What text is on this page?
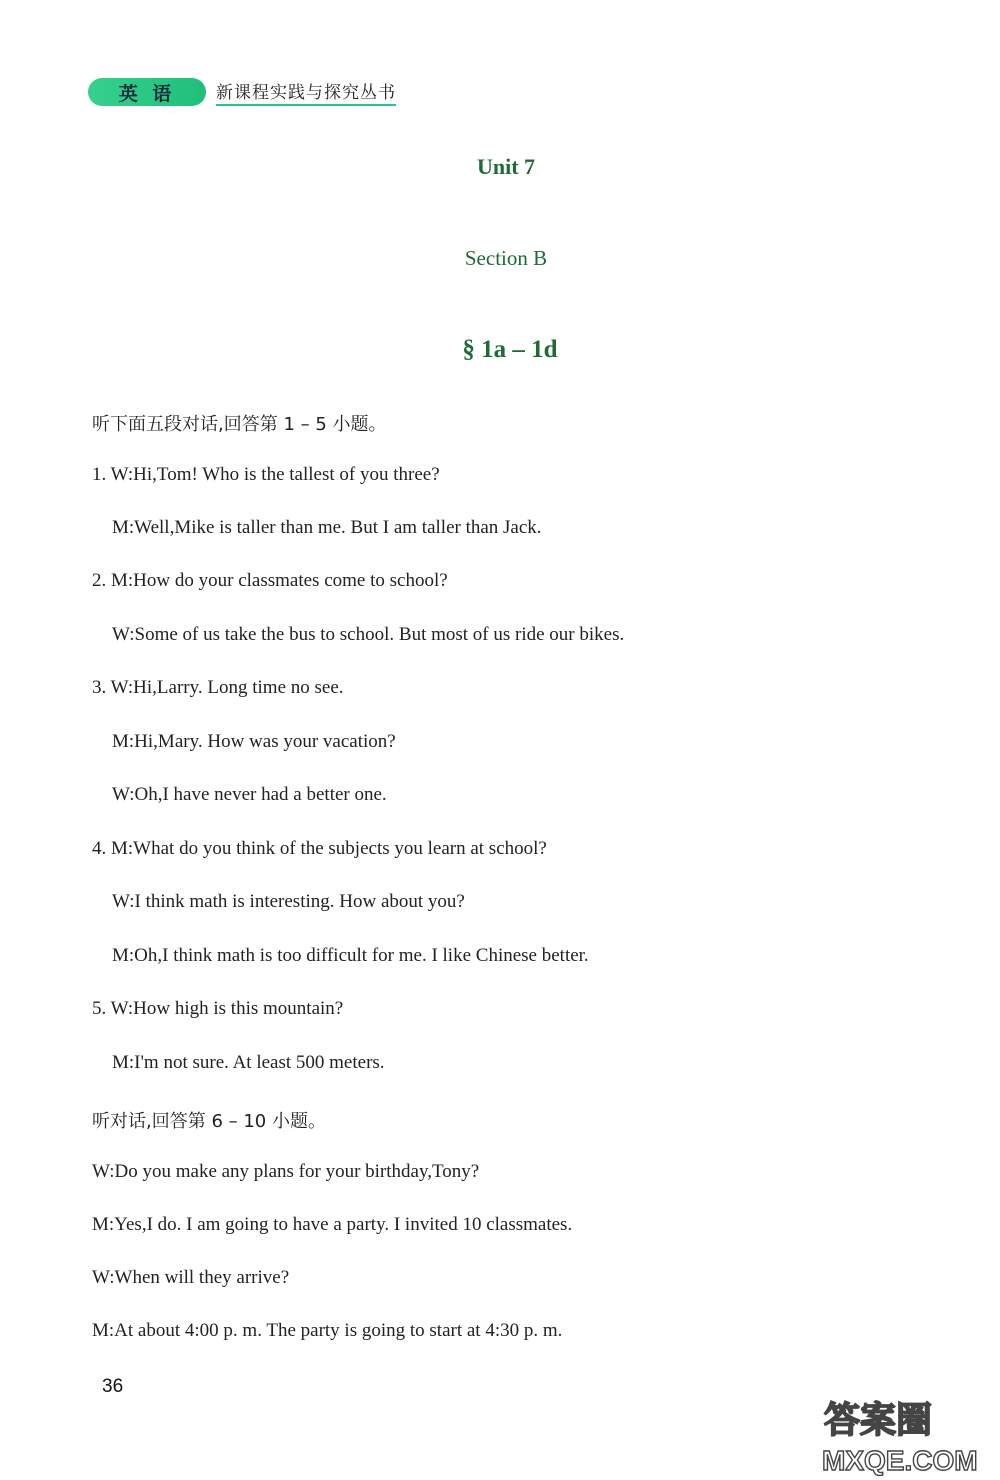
英 语	新课程实践与探究丛书
Unit 7
Section B
§ 1a – 1d
听下面五段对话,回答第 1 – 5 小题。
1. W:Hi,Tom! Who is the tallest of you three?
M:Well,Mike is taller than me. But I am taller than Jack.
2. M:How do your classmates come to school?
W:Some of us take the bus to school. But most of us ride our bikes.
3. W:Hi,Larry. Long time no see.
M:Hi,Mary. How was your vacation?
W:Oh,I have never had a better one.
4. M:What do you think of the subjects you learn at school?
W:I think math is interesting. How about you?
M:Oh,I think math is too difficult for me. I like Chinese better.
5. W:How high is this mountain?
M:I'm not sure. At least 500 meters.
听对话,回答第 6 – 10 小题。
W:Do you make any plans for your birthday,Tony?
M:Yes,I do. I am going to have a party. I invited 10 classmates.
W:When will they arrive?
M:At about 4:00 p. m. The party is going to start at 4:30 p. m.
36
答案圈
MXQE.COM
